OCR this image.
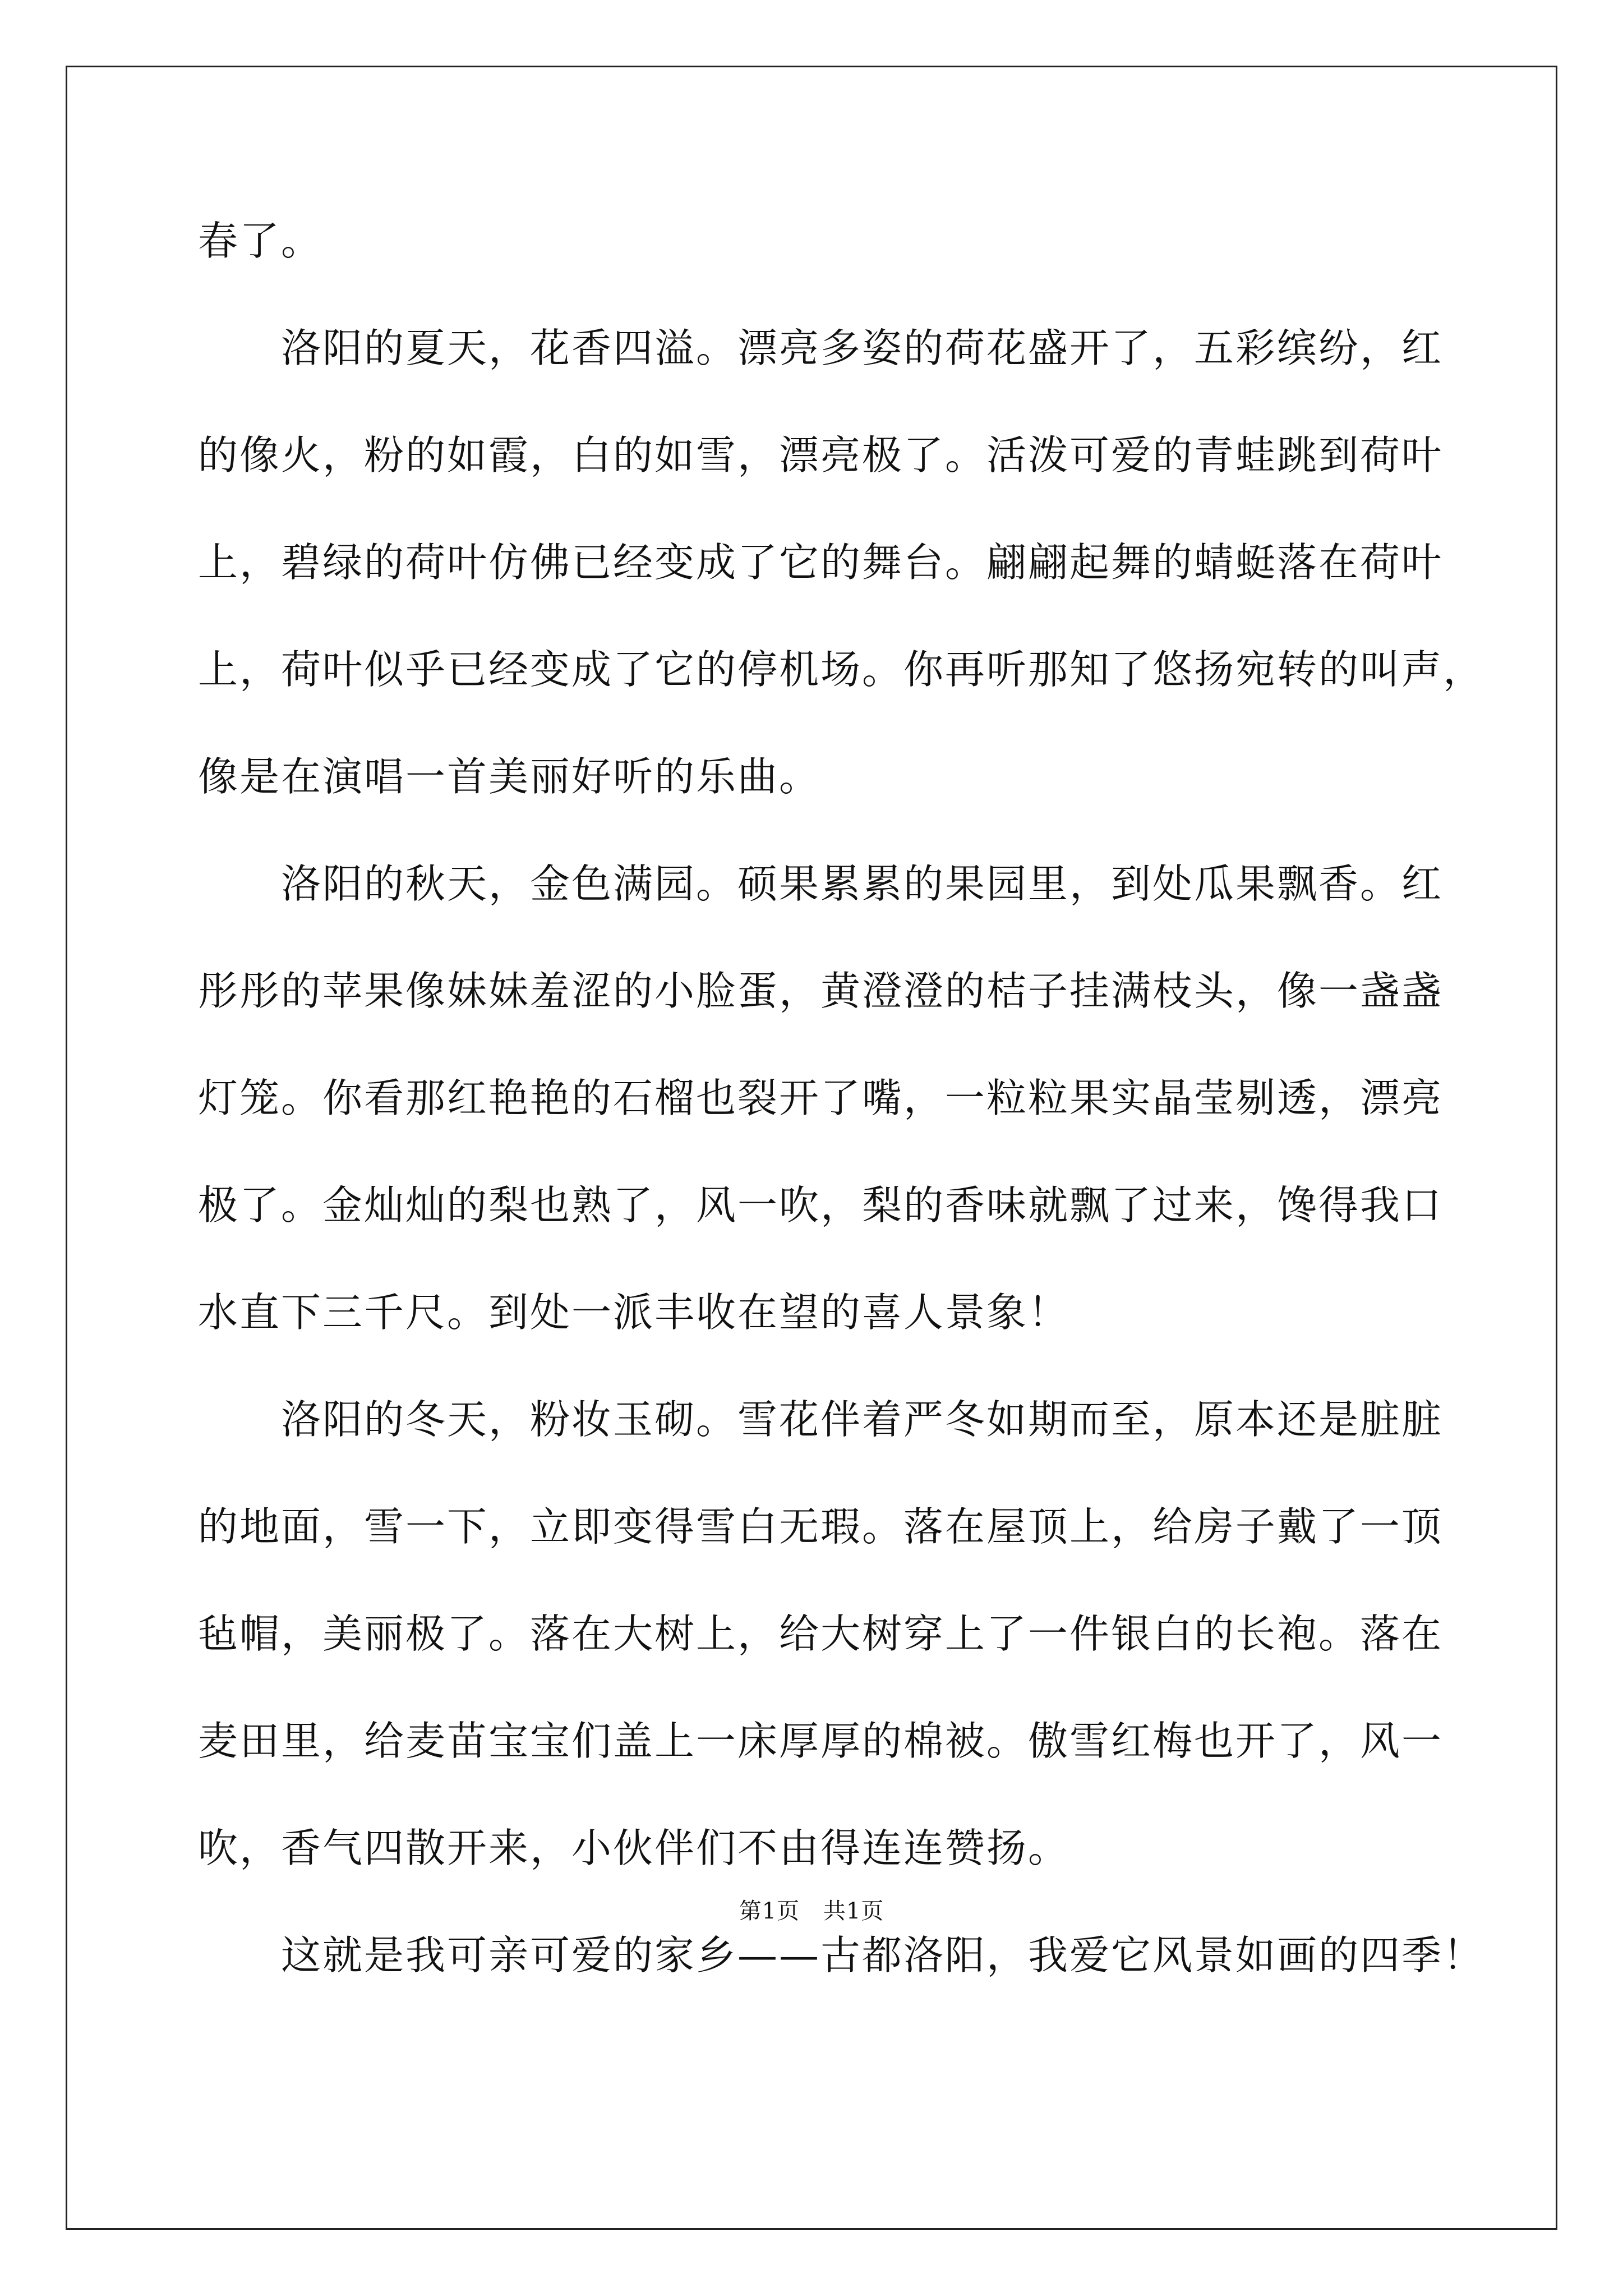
春了。
　　洛阳的夏天，花香四溢。漂亮多姿的荷花盛开了，五彩缤纷，红
的像火，粉的如霞，白的如雪，漂亮极了。活泼可爱的青蛙跳到荷叶
上，碧绿的荷叶仿佛已经变成了它的舞台。翩翩起舞的蜻蜓落在荷叶
上，荷叶似乎已经变成了它的停机场。你再听那知了悠扬宛转的叫声，
像是在演唱一首美丽好听的乐曲。
　　洛阳的秋天，金色满园。硕果累累的果园里，到处瓜果飘香。红
彤彤的苹果像妹妹羞涩的小脸蛋，黄澄澄的桔子挂满枝头，像一盏盏
灯笼。你看那红艳艳的石榴也裂开了嘴，一粒粒果实晶莹剔透，漂亮
极了。金灿灿的梨也熟了，风一吹，梨的香味就飘了过来，馋得我口
水直下三千尺。到处一派丰收在望的喜人景象！
　　洛阳的冬天，粉妆玉砌。雪花伴着严冬如期而至，原本还是脏脏
的地面，雪一下，立即变得雪白无瑕。落在屋顶上，给房子戴了一顶
毡帽，美丽极了。落在大树上，给大树穿上了一件银白的长袍。落在
麦田里，给麦苗宝宝们盖上一床厚厚的棉被。傲雪红梅也开了，风一
吹，香气四散开来，小伙伴们不由得连连赞扬。
　　这就是我可亲可爱的家乡——古都洛阳，我爱它风景如画的四季！
第1页 共1页
